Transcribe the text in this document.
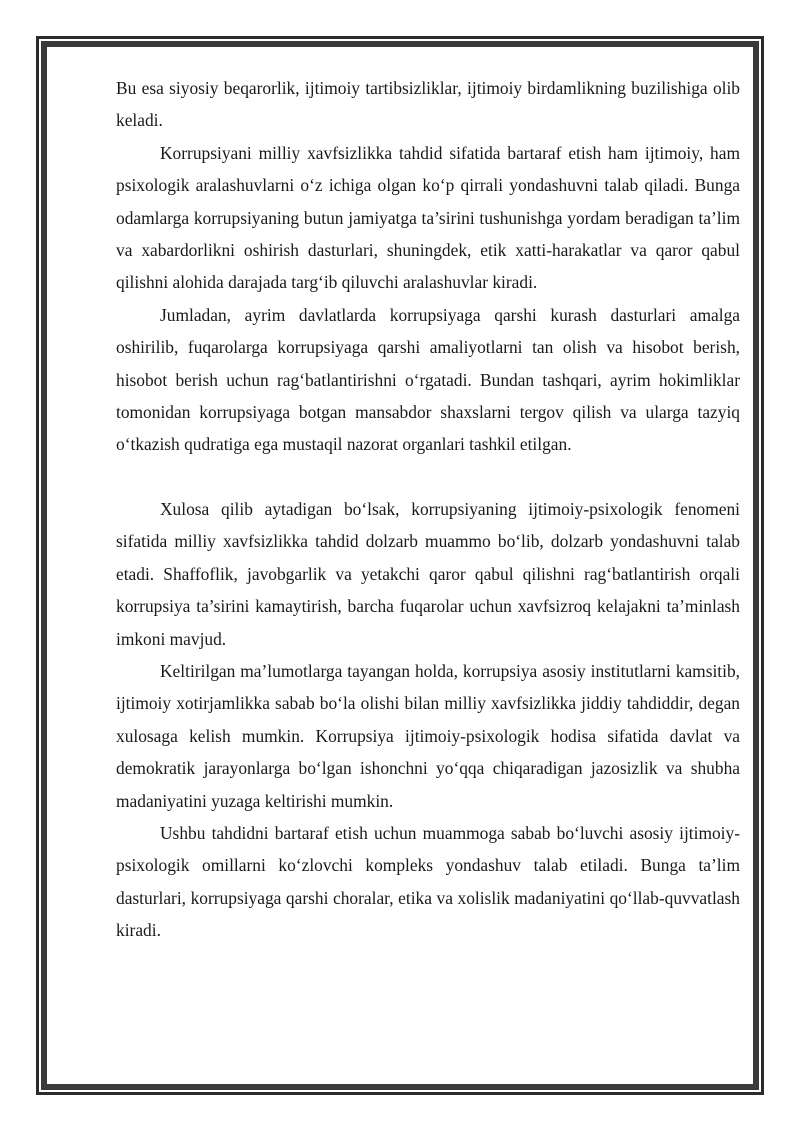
Bu esa siyosiy beqarorlik, ijtimoiy tartibsizliklar, ijtimoiy birdamlikning buzilishiga olib keladi.

Korrupsiyani milliy xavfsizlikka tahdid sifatida bartaraf etish ham ijtimoiy, ham psixologik aralashuvlarni o‘z ichiga olgan ko‘p qirrali yondashuvni talab qiladi. Bunga odamlarga korrupsiyaning butun jamiyatga ta’sirini tushunishga yordam beradigan ta’lim va xabardorlikni oshirish dasturlari, shuningdek, etik xatti-harakatlar va qaror qabul qilishni alohida darajada targ‘ib qiluvchi aralashuvlar kiradi.

Jumladan, ayrim davlatlarda korrupsiyaga qarshi kurash dasturlari amalga oshirilib, fuqarolarga korrupsiyaga qarshi amaliyotlarni tan olish va hisobot berish, hisobot berish uchun rag‘batlantirishni o‘rgatadi. Bundan tashqari, ayrim hokimliklar tomonidan korrupsiyaga botgan mansabdor shaxslarni tergov qilish va ularga tazyiq o‘tkazish qudratiga ega mustaqil nazorat organlari tashkil etilgan.

Xulosa qilib aytadigan bo‘lsak, korrupsiyaning ijtimoiy-psixologik fenomeni sifatida milliy xavfsizlikka tahdid dolzarb muammo bo‘lib, dolzarb yondashuvni talab etadi. Shaffoflik, javobgarlik va yetakchi qaror qabul qilishni rag‘batlantirish orqali korrupsiya ta’sirini kamaytirish, barcha fuqarolar uchun xavfsizroq kelajakni ta’minlash imkoni mavjud.

Keltirilgan ma’lumotlarga tayangan holda, korrupsiya asosiy institutlarni kamsitib, ijtimoiy xotirjamlikka sabab bo‘la olishi bilan milliy xavfsizlikka jiddiy tahdiddir, degan xulosaga kelish mumkin. Korrupsiya ijtimoiy-psixologik hodisa sifatida davlat va demokratik jarayonlarga bo‘lgan ishonchni yo‘qqa chiqaradigan jazosizlik va shubha madaniyatini yuzaga keltirishi mumkin.

Ushbu tahdidni bartaraf etish uchun muammoga sabab bo‘luvchi asosiy ijtimoiy-psixologik omillarni ko‘zlovchi kompleks yondashuv talab etiladi. Bunga ta’lim dasturlari, korrupsiyaga qarshi choralar, etika va xolislik madaniyatini qo‘llab-quvvatlash kiradi.
